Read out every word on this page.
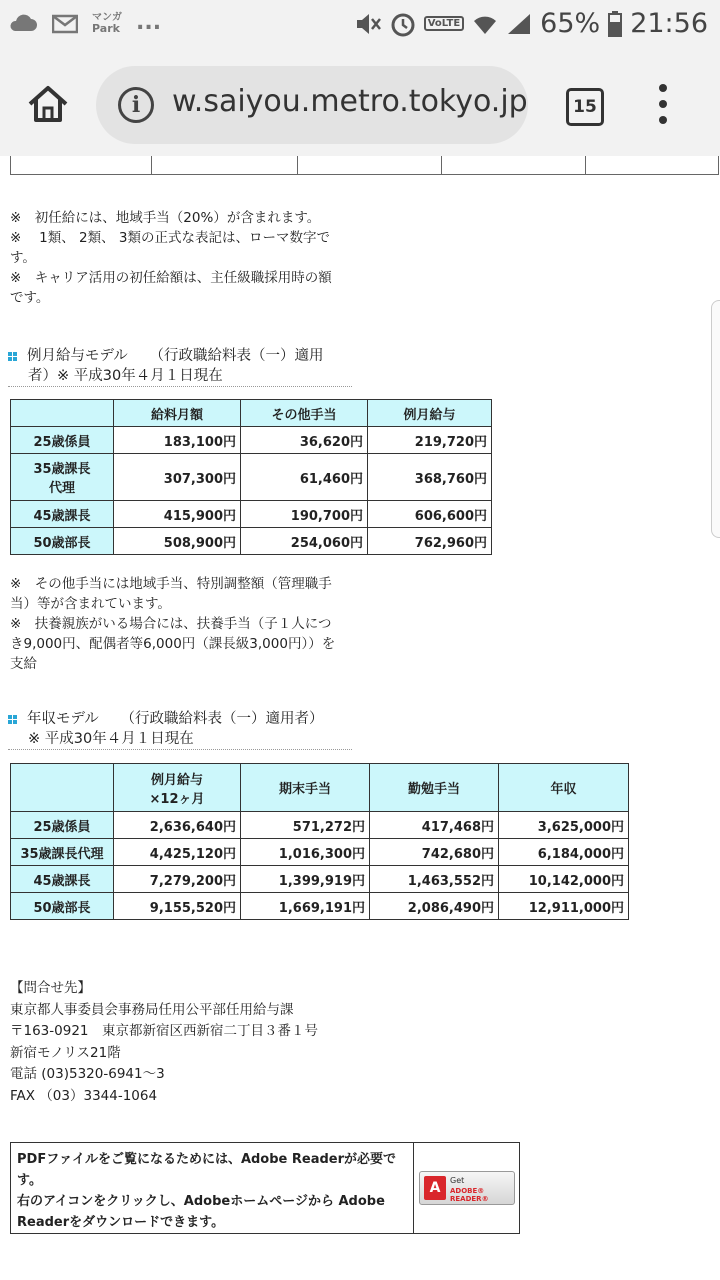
マンガ
Park ...	VoLTE	65% 21:56
i	w.saiyou.metro.tokyo.jp	15
※　初任給には、地域手当（20%）が含まれます。
※　 1類、 2類、 3類の正式な表記は、ローマ数字で
す。
※　キャリア活用の初任給額は、主任級職採用時の額
です。
例月給与モデル　　（行政職給料表（一）適用
者）※ 平成30年４月１日現在
	給料月額	その他手当	例月給与
25歳係員	183,100円	36,620円	219,720円

35歳課長
代理	307,300円	61,460円	368,760円
45歳課長	415,900円	190,700円	606,600円
50歳部長	508,900円	254,060円	762,960円
※　その他手当には地域手当、特別調整額（管理職手
当）等が含まれています。
※　扶養親族がいる場合には、扶養手当（子１人につ
き9,000円、配偶者等6,000円（課長級3,000円））を
支給
年収モデル　　（行政職給料表（一）適用者）
※ 平成30年４月１日現在

	例月給与
×12ヶ月	期末手当	勤勉手当	年収
25歳係員	2,636,640円	571,272円	417,468円	3,625,000円
35歳課長代理	4,425,120円	1,016,300円	742,680円	6,184,000円
45歳課長	7,279,200円	1,399,919円	1,463,552円	10,142,000円
50歳部長	9,155,520円	1,669,191円	2,086,490円	12,911,000円
【問合せ先】
東京都人事委員会事務局任用公平部任用給与課
〒163-0921　東京都新宿区西新宿二丁目３番１号
新宿モノリス21階
電話 (03)5320-6941～3
FAX （03）3344-1064
PDFファイルをご覧になるためには、Adobe Readerが必要で
す。
右のアイコンをクリックし、Adobeホームページから Adobe
Readerをダウンロードできます。
A	Get
ADOBE® READER®
